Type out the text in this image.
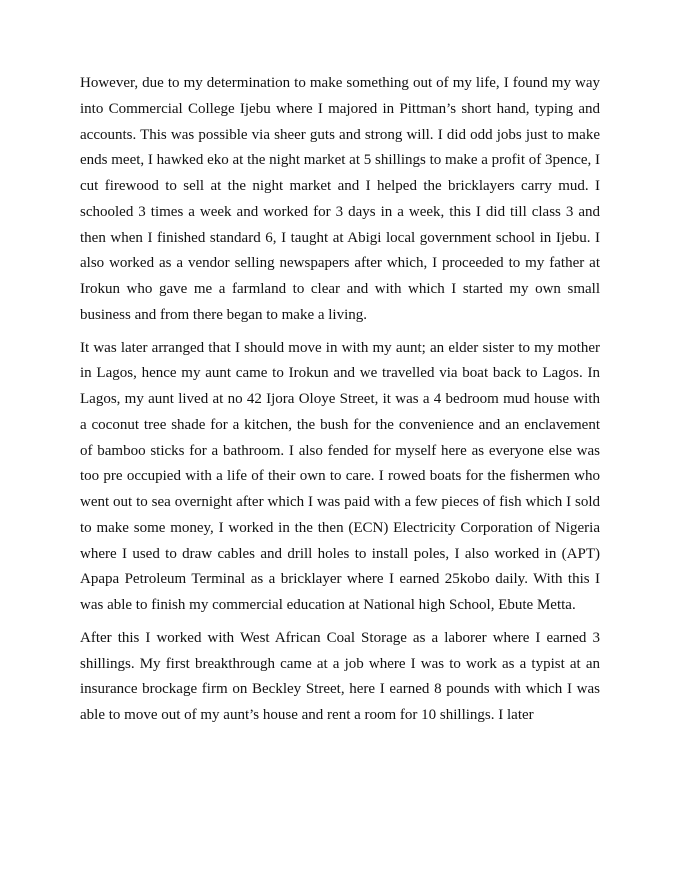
However, due to my determination to make something out of my life, I found my way into Commercial College Ijebu where I majored in Pittman’s short hand, typing and accounts. This was possible via sheer guts and strong will. I did odd jobs just to make ends meet, I hawked eko at the night market at 5 shillings to make a profit of 3pence, I cut firewood to sell at the night market and I helped the bricklayers carry mud. I schooled 3 times a week and worked for 3 days in a week, this I did till class 3 and then when I finished standard 6, I taught at Abigi local government school in Ijebu. I also worked as a vendor selling newspapers after which, I proceeded to my father at Irokun who gave me a farmland to clear and with which I started my own small business and from there began to make a living.

It was later arranged that I should move in with my aunt; an elder sister to my mother in Lagos, hence my aunt came to Irokun and we travelled via boat back to Lagos. In Lagos, my aunt lived at no 42 Ijora Oloye Street, it was a 4 bedroom mud house with a coconut tree shade for a kitchen, the bush for the convenience and an enclavement of bamboo sticks for a bathroom. I also fended for myself here as everyone else was too pre occupied with a life of their own to care. I rowed boats for the fishermen who went out to sea overnight after which I was paid with a few pieces of fish which I sold to make some money, I worked in the then (ECN) Electricity Corporation of Nigeria where I used to draw cables and drill holes to install poles, I also worked in (APT) Apapa Petroleum Terminal as a bricklayer where I earned 25kobo daily. With this I was able to finish my commercial education at National high School, Ebute Metta.

After this I worked with West African Coal Storage as a laborer where I earned 3 shillings. My first breakthrough came at a job where I was to work as a typist at an insurance brockage firm on Beckley Street, here I earned 8 pounds with which I was able to move out of my aunt’s house and rent a room for 10 shillings. I later
